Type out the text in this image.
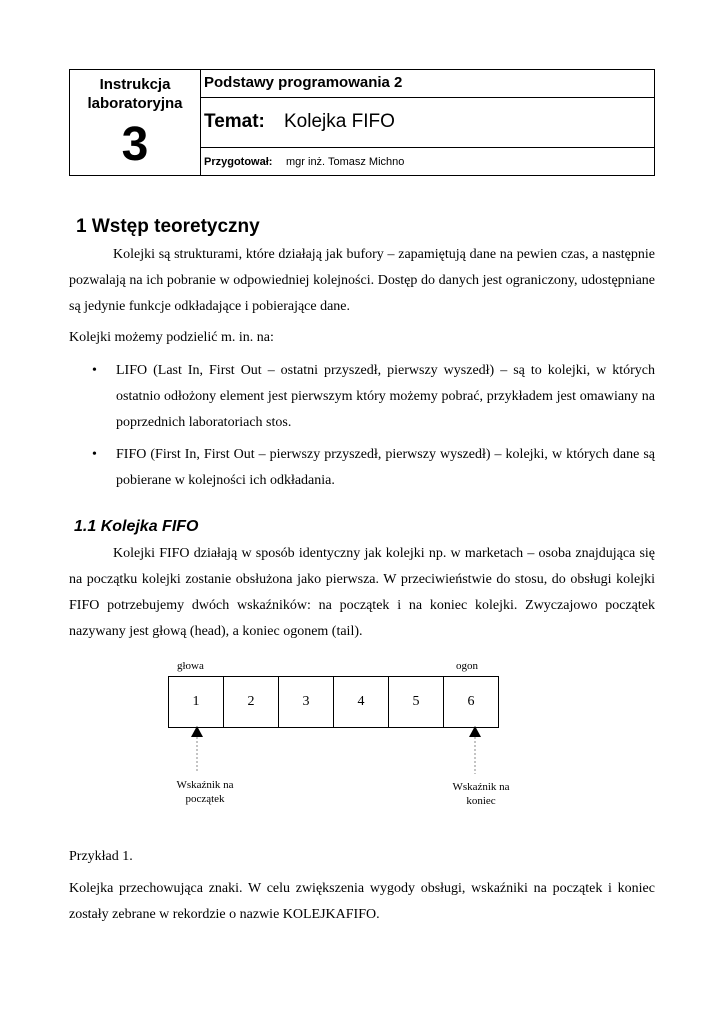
Instrukcja
laboratoryjna
3
Podstawy programowania 2
Temat: Kolejka FIFO
Przygotował: mgr inż. Tomasz Michno
1 Wstęp teoretyczny

Kolejki są strukturami, które działają jak bufory – zapamiętują dane na pewien czas, a następnie pozwalają na ich pobranie w odpowiedniej kolejności. Dostęp do danych jest ograniczony, udostępniane są jedynie funkcje odkładające i pobierające dane.

Kolejki możemy podzielić m. in. na:

• LIFO (Last In, First Out – ostatni przyszedł, pierwszy wyszedł) – są to kolejki, w których ostatnio odłożony element jest pierwszym który możemy pobrać, przykładem jest omawiany na poprzednich laboratoriach stos.
• FIFO (First In, First Out – pierwszy przyszedł, pierwszy wyszedł) – kolejki, w których dane są pobierane w kolejności ich odkładania.
1.1 Kolejka FIFO

Kolejki FIFO działają w sposób identyczny jak kolejki np. w marketach – osoba znajdująca się na początku kolejki zostanie obsłużona jako pierwsza. W przeciwieństwie do stosu, do obsługi kolejki FIFO potrzebujemy dwóch wskaźników: na początek i na koniec kolejki. Zwyczajowo początek nazywany jest głową (head), a koniec ogonem (tail).

głowa	ogon
1	2	3	4	5	6
Wskaźnik na
początek
Wskaźnik na
koniec

Przykład 1.

Kolejka przechowująca znaki. W celu zwiększenia wygody obsługi, wskaźniki na początek i koniec zostały zebrane w rekordzie o nazwie KOLEJKAFIFO.
